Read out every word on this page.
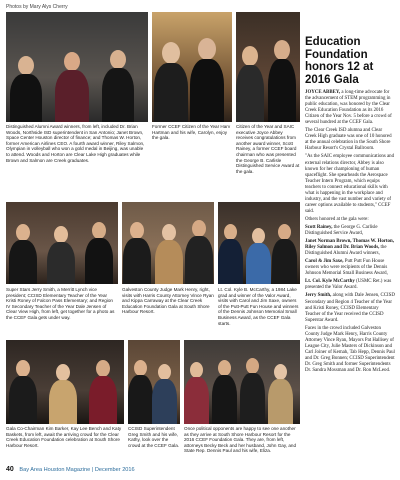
Photos by Mary Alys Cherry
Distinguished Alumni Award winners, from left, included Dr. Brian Woods, Northside ISD superintendent in San Antonio; Janet Brown, Space Center Houston director of finance; and Thomas W. Horton, former American Airlines CEO. A fourth award winner, Riley Salmon, Olympian in volleyball who won a gold medal in Beijing, was unable to attend. Woods and Horton are Clear Lake High graduates while Brown and Salmon are Creek graduates.
Former CCEF Citizen of the Year Harv Hartman and his wife, Carolyn, enjoy the gala.
Citizen of the Year and SAIC executive Joyce Abbey receives congratulations from another award winner, Scott Rainey, a former CCEF board chairman who was presented the George B. Carlisle Distinguished Service Award at the gala.
Super Stars Jerry Smith, a Merritt Lynch vice president; CCISD Elementary Teacher of the Year Kristi Roney of Falcon Pass Elementary; and Region IV Secondary Teacher of the Year Dale Jensen of Clear View High, from left, get together for a photo as the CCEF Gala gets under way.
Galveston County Judge Mark Henry, right, visits with Harris County Attorney Vince Ryan and Kippa Carraway at the Clear Creek Education Foundation Gala at South Shore Harbour Resort.
Lt. Col. Kyle B. McCarthy, a 1984 Lake grad and winner of the Valor Award, visits with Carol and Jim Saxe, owners of the Putt-Putt Fun House and winners of the Dennis Johnson Memorial Small Business Award, as the CCEF Gala starts.
Gala Co-Chairman Kim Barker, Kay Lee Bench and Katy Baskets, from left, await the arriving crowd for the Clear Creek Education Foundation celebration at South Shore Harbour Resort.
CCISD Superintendent Greg Smith and his wife, Kathy, look over the crowd at the CCEF Gala.
Once political opponents are happy to see one another as they arrive at South Shore Harbour Resort for the 2016 CCEF Foundation Gala. They are, from left, attorneys Becky Beck and her husband, John Gay, and State Rep. Dennis Paul and his wife, Eliza.
Education Foundation honors 12 at 2016 Gala

JOYCE ABBEY, a long-time advocate for the advancement of STEM programming in public education, was honored by the Clear Creek Education Foundation as its 2016 Citizen of the Year Nov. 5 before a crowd of several hundred at the CCEF Gala.

The Clear Creek ISD alumna and Clear Creek High graduate was one of 10 honored at the annual celebration in the South Shore Harbour Resort's Crystal Ballroom.

"As the SAIC employee communications and external relations director, Abbey is also known for her championing of human spaceflight. She spearheads the Aerospace Teacher Intern Program, which equips teachers to connect educational skills with what is happening in the workplace and industry, and the vast number and variety of career options available to students," CCEF said.

Others honored at the gala were:

Scott Rainey, the George G. Carlisle Distinguished Service Award,

Janet Norman Brown, Thomas W. Horton, Riley Salmon and Dr. Brian Woods, the Distinguished Alumni Award winners,

Carol & Jim Saxe, Putt Putt Fun House owners who were recipients of the Dennis Johnson Memorial Small Business Award,

Lt. Col. Kyle McCarthy (USMC Ret.) was presented the Valor Award.

Jerry Smith, along with Dale Jensen, CCISD Secondary and Region 4 Teacher of the Year and Kristi Roney, CCISD Elementary Teacher of the Year received the CCISD Superstar Award.

Faces in the crowd included Galveston County Judge Mark Henry, Harris County Attorney Vince Ryan, Mayors Pat Hallisey of League City, Julie Masters of Dickinson and Carl Joiner of Kemah, Tab Hepp, Dennis Paul and Dr. Greg Bonnen; CCISD Superintendent Dr. Greg Smith and former Superintendents Dr. Sandra Mossman and Dr. Ron McLeod.

40 Bay Area Houston Magazine | December 2016
